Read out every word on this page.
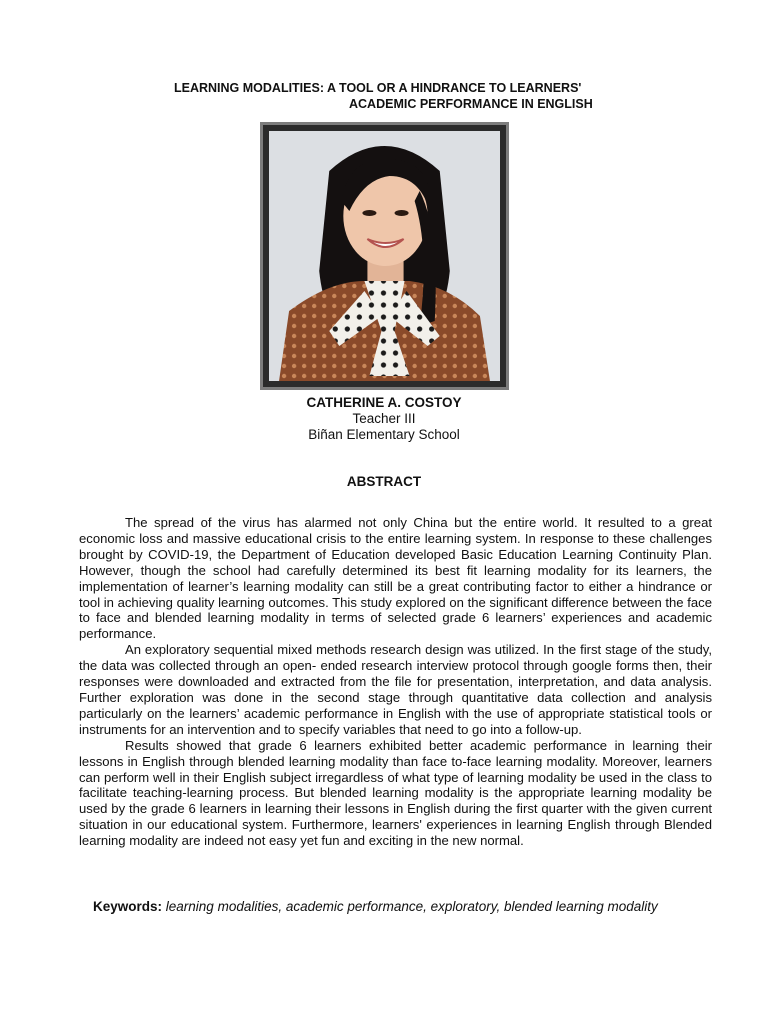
LEARNING MODALITIES: A TOOL OR A HINDRANCE TO LEARNERS'
ACADEMIC PERFORMANCE IN ENGLISH
CATHERINE A. COSTOY
Teacher III
Biñan Elementary School
ABSTRACT

The spread of the virus has alarmed not only China but the entire world. It resulted to a great economic loss and massive educational crisis to the entire learning system. In response to these challenges brought by COVID-19, the Department of Education developed Basic Education Learning Continuity Plan. However, though the school had carefully determined its best fit learning modality for its learners, the implementation of learner’s learning modality can still be a great contributing factor to either a hindrance or tool in achieving quality learning outcomes. This study explored on the significant difference between the face to face and blended learning modality in terms of selected grade 6 learners’ experiences and academic performance.

An exploratory sequential mixed methods research design was utilized. In the first stage of the study, the data was collected through an open- ended research interview protocol through google forms then, their responses were downloaded and extracted from the file for presentation, interpretation, and data analysis. Further exploration was done in the second stage through quantitative data collection and analysis particularly on the learners’ academic performance in English with the use of appropriate statistical tools or instruments for an intervention and to specify variables that need to go into a follow-up.

Results showed that grade 6 learners exhibited better academic performance in learning their lessons in English through blended learning modality than face to-face learning modality. Moreover, learners can perform well in their English subject irregardless of what type of learning modality be used in the class to facilitate teaching-learning process. But blended learning modality is the appropriate learning modality be used by the grade 6 learners in learning their lessons in English during the first quarter with the given current situation in our educational system. Furthermore, learners' experiences in learning English through Blended learning modality are indeed not easy yet fun and exciting in the new normal.

Keywords: learning modalities, academic performance, exploratory, blended learning modality
